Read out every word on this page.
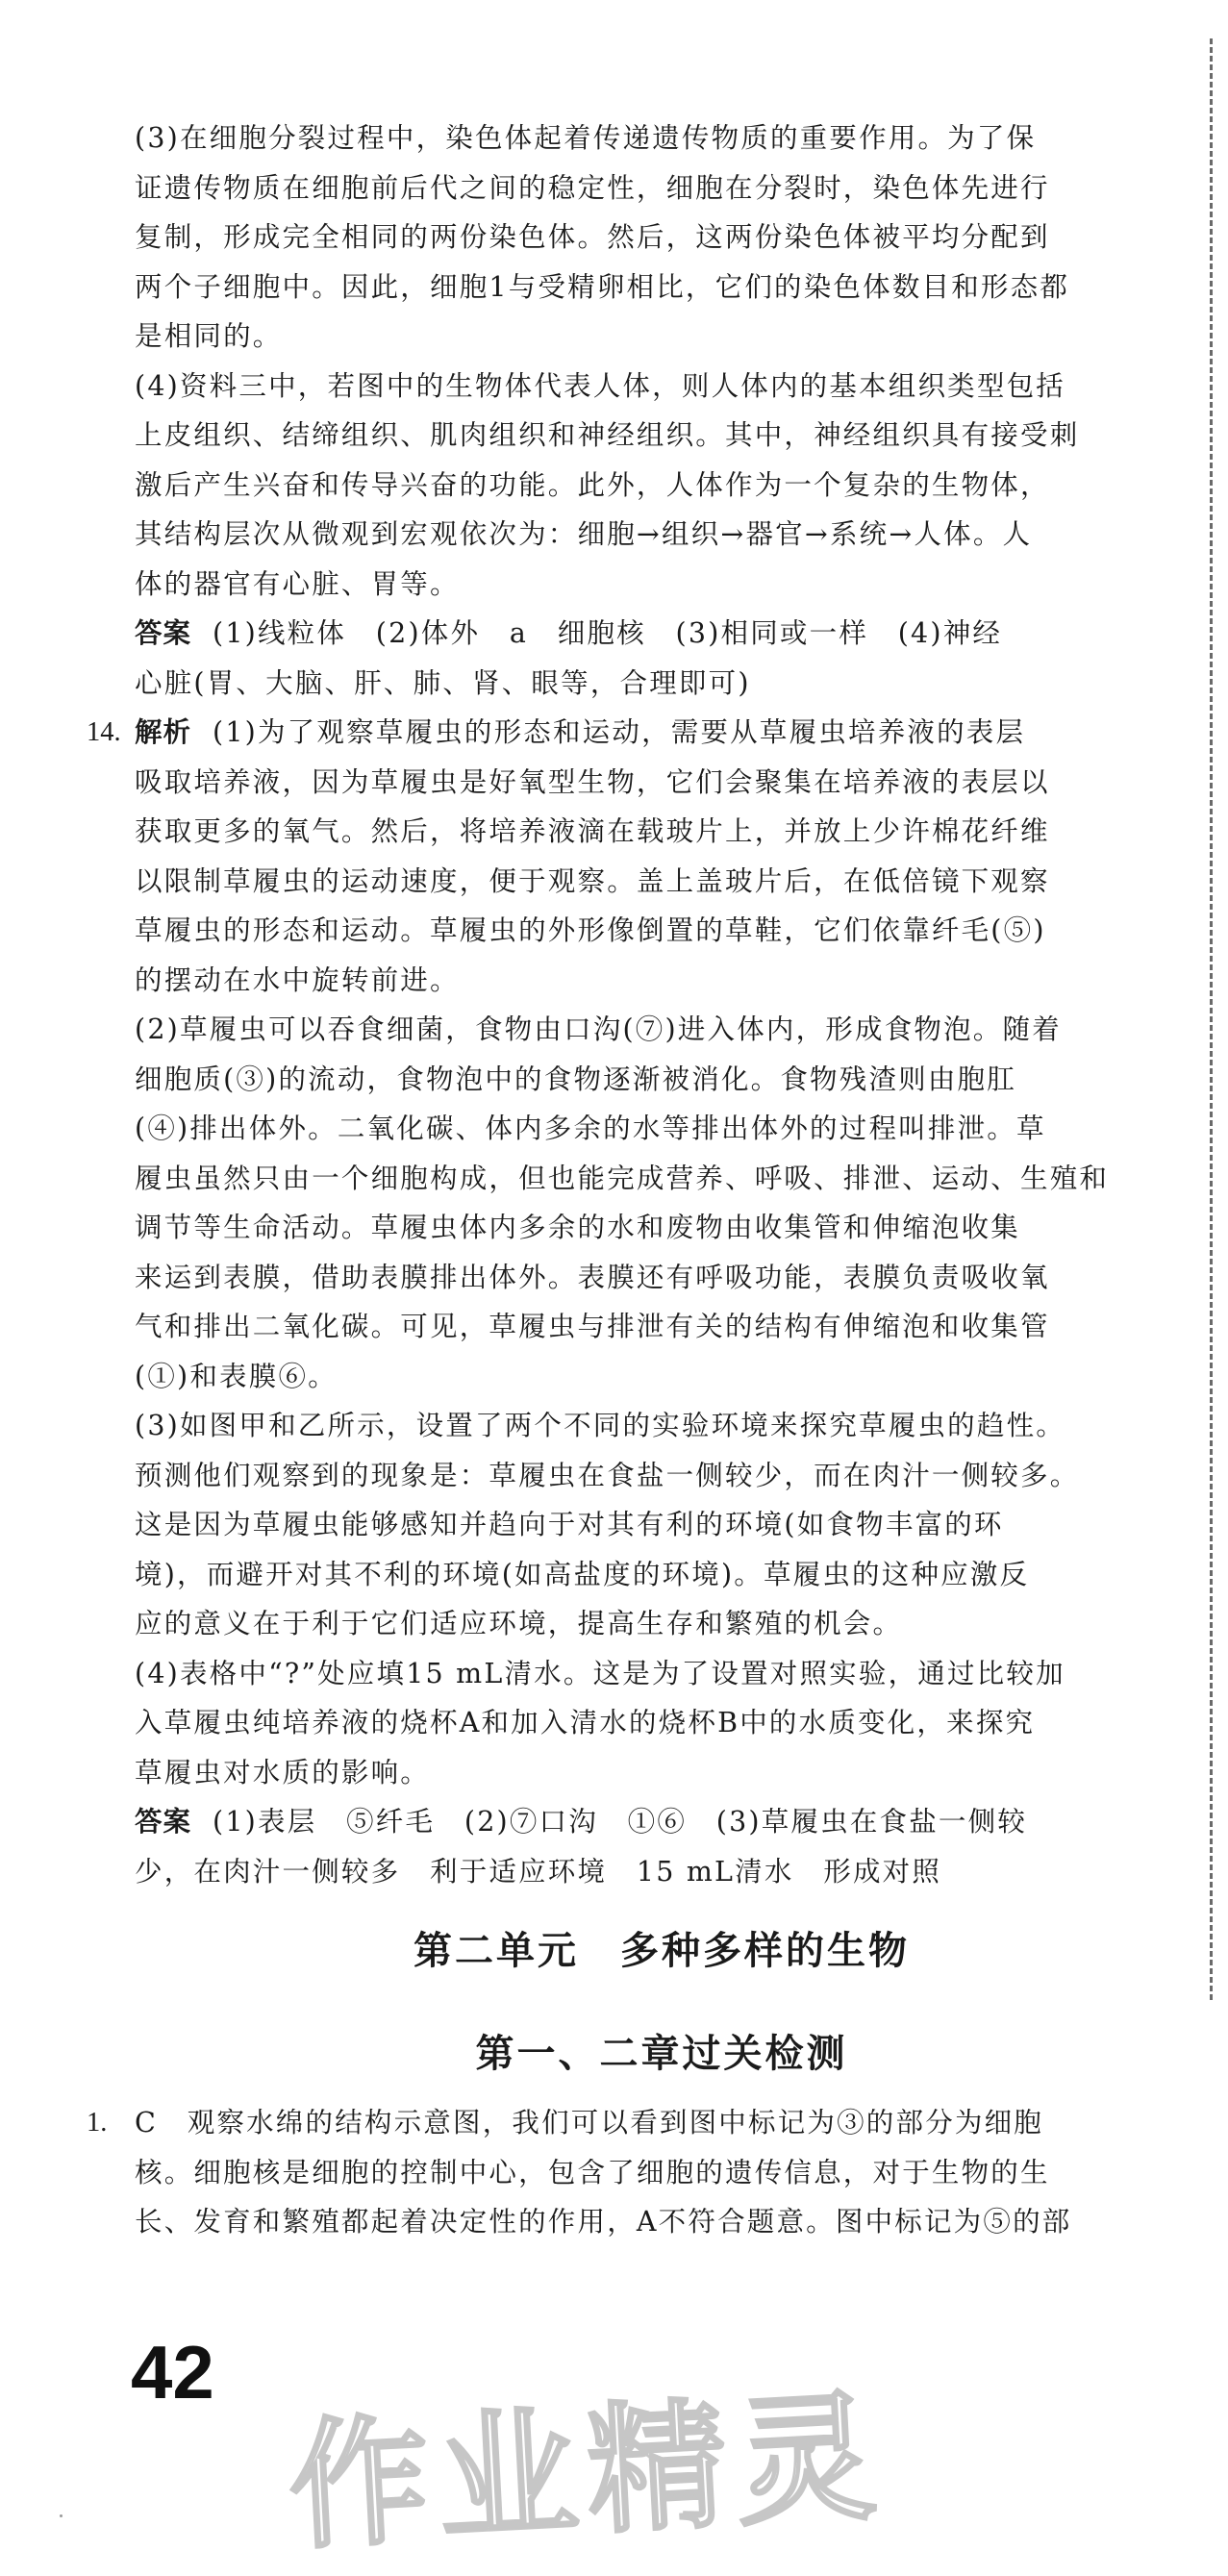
(3)在细胞分裂过程中，染色体起着传递遗传物质的重要作用。为了保
证遗传物质在细胞前后代之间的稳定性，细胞在分裂时，染色体先进行
复制，形成完全相同的两份染色体。然后，这两份染色体被平均分配到
两个子细胞中。因此，细胞1与受精卵相比，它们的染色体数目和形态都
是相同的。
(4)资料三中，若图中的生物体代表人体，则人体内的基本组织类型包括
上皮组织、结缔组织、肌肉组织和神经组织。其中，神经组织具有接受刺
激后产生兴奋和传导兴奋的功能。此外，人体作为一个复杂的生物体，
其结构层次从微观到宏观依次为：细胞→组织→器官→系统→人体。人
体的器官有心脏、胃等。
答案 (1)线粒体　(2)体外　a　细胞核　(3)相同或一样　(4)神经
心脏(胃、大脑、肝、肺、肾、眼等，合理即可)
14. 解析 (1)为了观察草履虫的形态和运动，需要从草履虫培养液的表层
吸取培养液，因为草履虫是好氧型生物，它们会聚集在培养液的表层以
获取更多的氧气。然后，将培养液滴在载玻片上，并放上少许棉花纤维
以限制草履虫的运动速度，便于观察。盖上盖玻片后，在低倍镜下观察
草履虫的形态和运动。草履虫的外形像倒置的草鞋，它们依靠纤毛(⑤)
的摆动在水中旋转前进。
(2)草履虫可以吞食细菌，食物由口沟(⑦)进入体内，形成食物泡。随着
细胞质(③)的流动，食物泡中的食物逐渐被消化。食物残渣则由胞肛
(④)排出体外。二氧化碳、体内多余的水等排出体外的过程叫排泄。草
履虫虽然只由一个细胞构成，但也能完成营养、呼吸、排泄、运动、生殖和
调节等生命活动。草履虫体内多余的水和废物由收集管和伸缩泡收集
来运到表膜，借助表膜排出体外。表膜还有呼吸功能，表膜负责吸收氧
气和排出二氧化碳。可见，草履虫与排泄有关的结构有伸缩泡和收集管
(①)和表膜⑥。
(3)如图甲和乙所示，设置了两个不同的实验环境来探究草履虫的趋性。
预测他们观察到的现象是：草履虫在食盐一侧较少，而在肉汁一侧较多。
这是因为草履虫能够感知并趋向于对其有利的环境(如食物丰富的环
境)，而避开对其不利的环境(如高盐度的环境)。草履虫的这种应激反
应的意义在于利于它们适应环境，提高生存和繁殖的机会。
(4)表格中“?”处应填15 mL清水。这是为了设置对照实验，通过比较加
入草履虫纯培养液的烧杯A和加入清水的烧杯B中的水质变化，来探究
草履虫对水质的影响。
答案 (1)表层　⑤纤毛　(2)⑦口沟　①⑥　(3)草履虫在食盐一侧较
少，在肉汁一侧较多　利于适应环境　15 mL清水　形成对照
第二单元　多种多样的生物
第一、二章过关检测
1. C　观察水绵的结构示意图，我们可以看到图中标记为③的部分为细胞
核。细胞核是细胞的控制中心，包含了细胞的遗传信息，对于生物的生
长、发育和繁殖都起着决定性的作用，A不符合题意。图中标记为⑤的部
42
作业精灵
